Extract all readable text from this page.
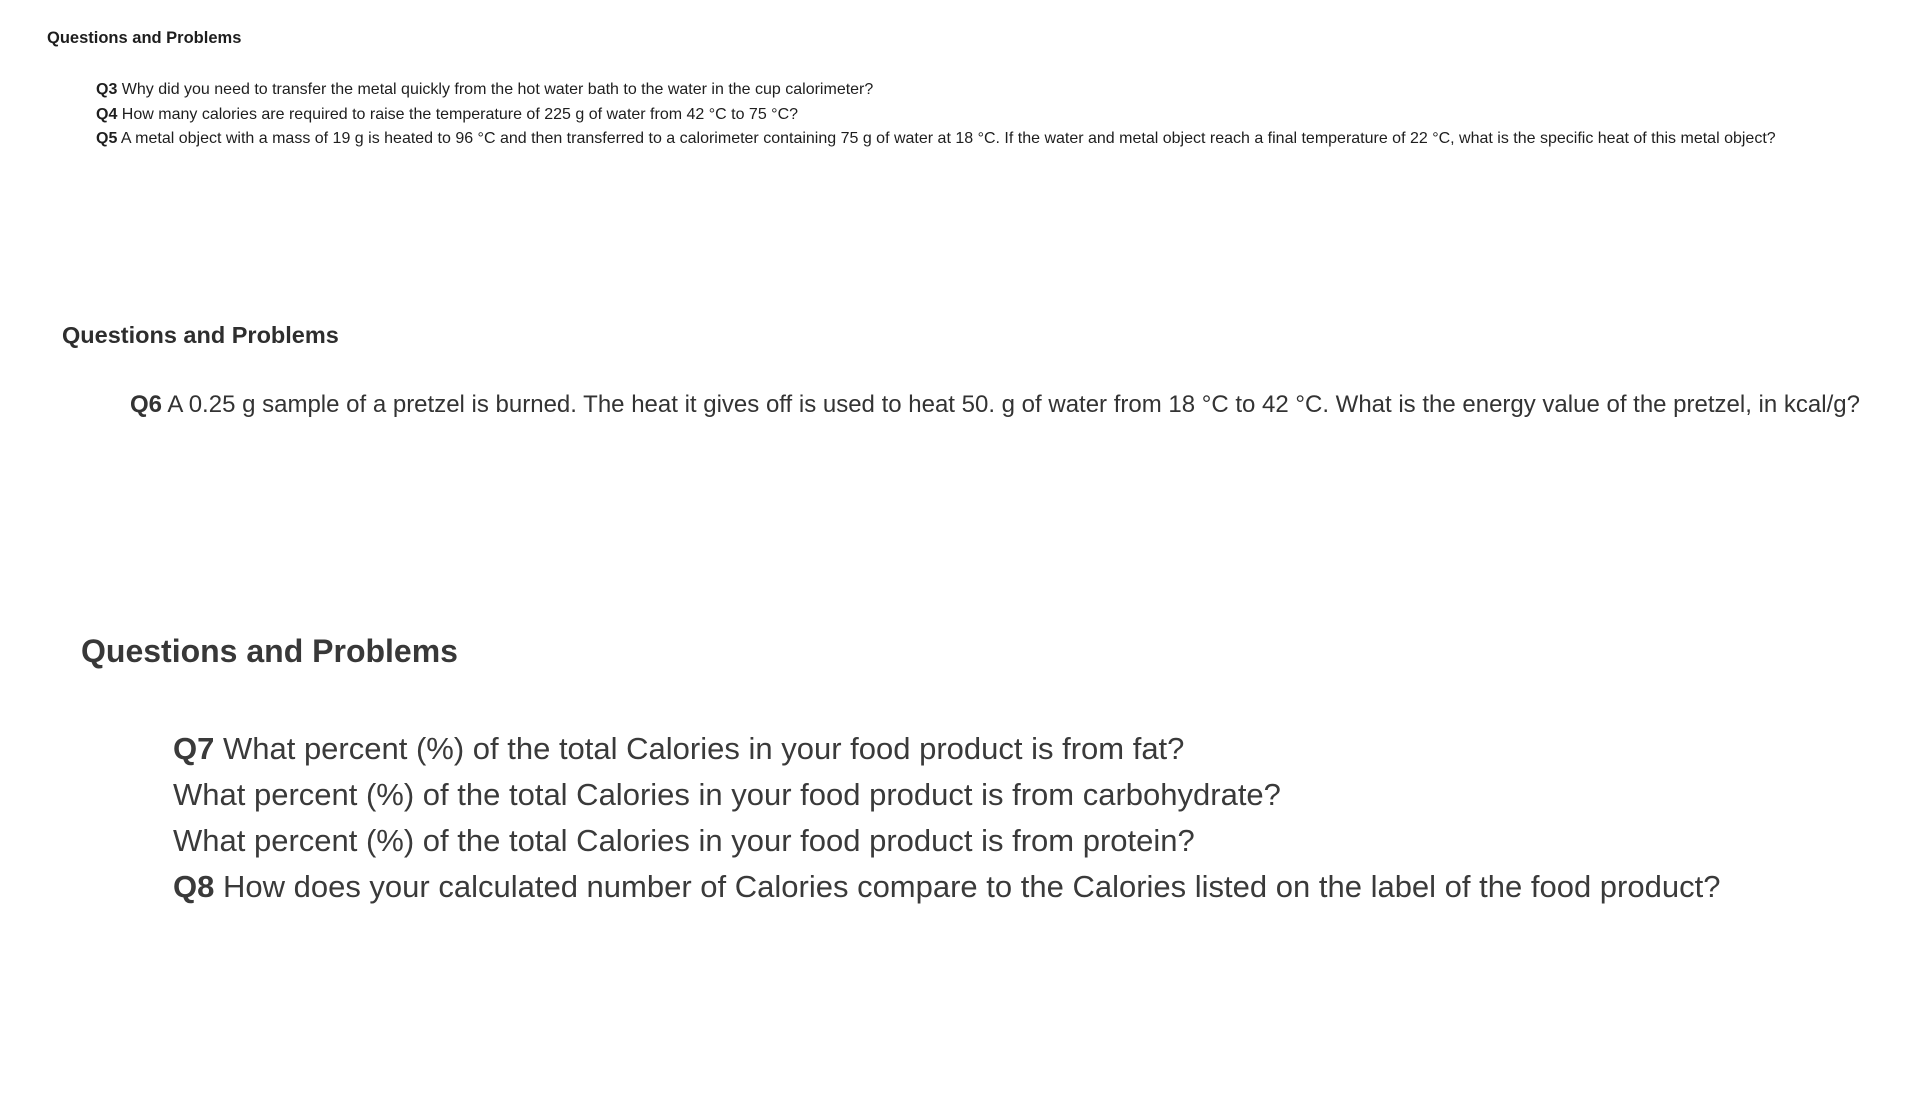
Questions and Problems

Q3 Why did you need to transfer the metal quickly from the hot water bath to the water in the cup calorimeter?

Q4 How many calories are required to raise the temperature of 225 g of water from 42 °C to 75 °C?

Q5 A metal object with a mass of 19 g is heated to 96 °C and then transferred to a calorimeter containing 75 g of water at 18 °C. If the water and metal object reach a final temperature of 22 °C, what is the specific heat of this metal object?

Questions and Problems

Q6 A 0.25 g sample of a pretzel is burned. The heat it gives off is used to heat 50. g of water from 18 °C to 42 °C. What is the energy value of the pretzel, in kcal/g?

Questions and Problems

Q7 What percent (%) of the total Calories in your food product is from fat?

What percent (%) of the total Calories in your food product is from carbohydrate?

What percent (%) of the total Calories in your food product is from protein?

Q8 How does your calculated number of Calories compare to the Calories listed on the label of the food product?
